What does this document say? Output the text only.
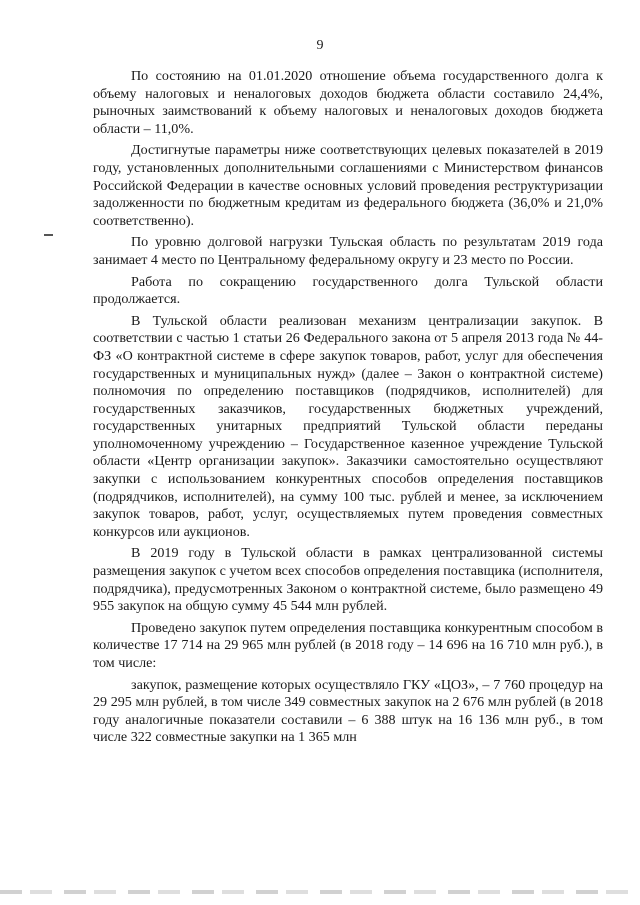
9

По состоянию на 01.01.2020 отношение объема государственного долга к объему налоговых и неналоговых доходов бюджета области составило 24,4%, рыночных заимствований к объему налоговых и неналоговых доходов бюджета области – 11,0%.

Достигнутые параметры ниже соответствующих целевых показателей в 2019 году, установленных дополнительными соглашениями с Министерством финансов Российской Федерации в качестве основных условий проведения реструктуризации задолженности по бюджетным кредитам из федерального бюджета (36,0% и 21,0% соответственно).

По уровню долговой нагрузки Тульская область по результатам 2019 года занимает 4 место по Центральному федеральному округу и 23 место по России.

Работа по сокращению государственного долга Тульской области продолжается.

В Тульской области реализован механизм централизации закупок. В соответствии с частью 1 статьи 26 Федерального закона от 5 апреля 2013 года № 44-ФЗ «О контрактной системе в сфере закупок товаров, работ, услуг для обеспечения государственных и муниципальных нужд» (далее – Закон о контрактной системе) полномочия по определению поставщиков (подрядчиков, исполнителей) для государственных заказчиков, государственных бюджетных учреждений, государственных унитарных предприятий Тульской области переданы уполномоченному учреждению – Государственное казенное учреждение Тульской области «Центр организации закупок». Заказчики самостоятельно осуществляют закупки с использованием конкурентных способов определения поставщиков (подрядчиков, исполнителей), на сумму 100 тыс. рублей и менее, за исключением закупок товаров, работ, услуг, осуществляемых путем проведения совместных конкурсов или аукционов.

В 2019 году в Тульской области в рамках централизованной системы размещения закупок с учетом всех способов определения поставщика (исполнителя, подрядчика), предусмотренных Законом о контрактной системе, было размещено 49 955 закупок на общую сумму 45 544 млн рублей.

Проведено закупок путем определения поставщика конкурентным способом в количестве 17 714 на 29 965 млн рублей (в 2018 году – 14 696 на 16 710 млн руб.), в том числе:

закупок, размещение которых осуществляло ГКУ «ЦОЗ», – 7 760 процедур на 29 295 млн рублей, в том числе 349 совместных закупок на 2 676 млн рублей (в 2018 году аналогичные показатели составили – 6 388 штук на 16 136 млн руб., в том числе 322 совместные закупки на 1 365 млн
